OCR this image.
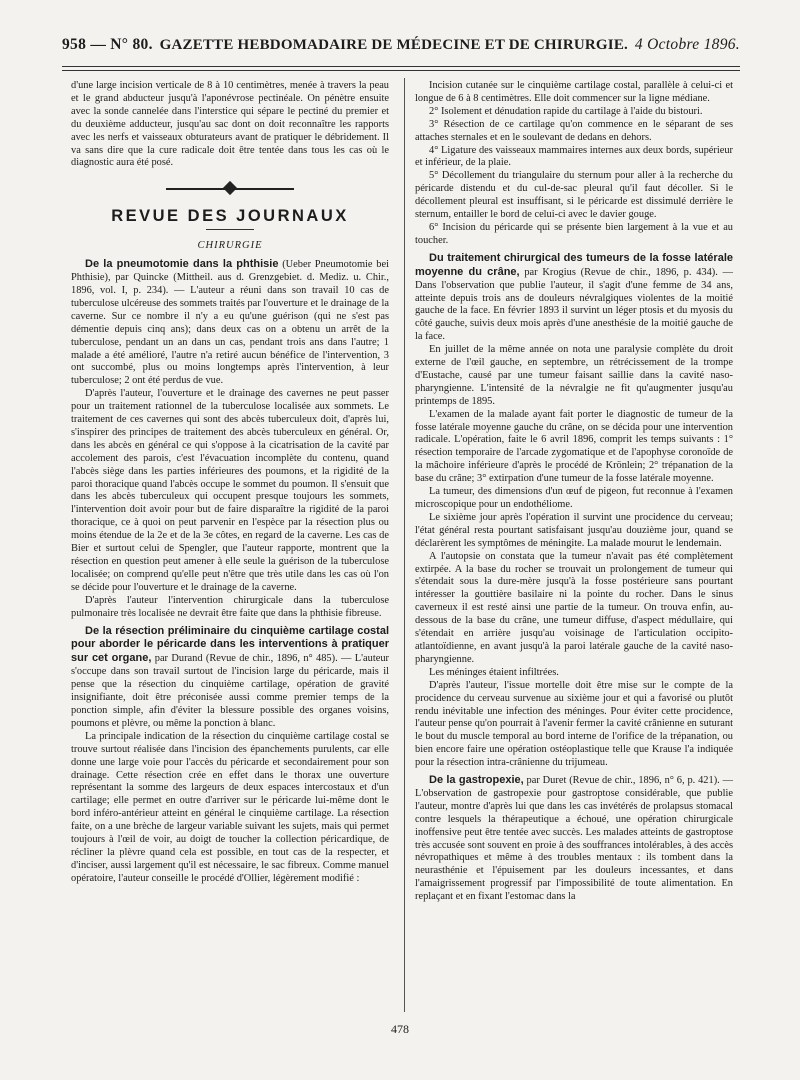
958 — N° 80. GAZETTE HEBDOMADAIRE DE MÉDECINE ET DE CHIRURGIE. 4 Octobre 1896.

d'une large incision verticale de 8 à 10 centimètres, menée à travers la peau et le grand abducteur jusqu'à l'aponévrose pectinéale. On pénètre ensuite avec la sonde cannelée dans l'interstice qui sépare le pectiné du premier et du deuxième adducteur, jusqu'au sac dont on doit reconnaître les rapports avec les nerfs et vaisseaux obturateurs avant de pratiquer le débridement. Il va sans dire que la cure radicale doit être tentée dans tous les cas où le diagnostic aura été posé.

REVUE DES JOURNAUX
CHIRURGIE

De la pneumotomie dans la phthisie (Ueber Pneumotomie bei Phthisie), par Quincke (Mittheil. aus d. Grenzgebiet. d. Mediz. u. Chir., 1896, vol. I, p. 234). — L'auteur a réuni dans son travail 10 cas de tuberculose ulcéreuse des sommets traités par l'ouverture et le drainage de la caverne. Sur ce nombre il n'y a eu qu'une guérison (qui ne s'est pas démentie depuis cinq ans); dans deux cas on a obtenu un arrêt de la tuberculose, pendant un an dans un cas, pendant trois ans dans l'autre; 1 malade a été amélioré, l'autre n'a retiré aucun bénéfice de l'intervention, 3 ont succombé, plus ou moins longtemps après l'intervention, à leur tuberculose; 2 ont été perdus de vue.

D'après l'auteur, l'ouverture et le drainage des cavernes ne peut passer pour un traitement rationnel de la tuberculose localisée aux sommets. Le traitement de ces cavernes qui sont des abcès tuberculeux doit, d'après lui, s'inspirer des principes de traitement des abcès tuberculeux en général. Or, dans les abcès en général ce qui s'oppose à la cicatrisation de la cavité par accolement des parois, c'est l'évacuation incomplète du contenu, quand l'abcès siège dans les parties inférieures des poumons, et la rigidité de la paroi thoracique quand l'abcès occupe le sommet du poumon. Il s'ensuit que dans les abcès tuberculeux qui occupent presque toujours les sommets, l'intervention doit avoir pour but de faire disparaître la rigidité de la paroi thoracique, ce à quoi on peut parvenir en l'espèce par la résection plus ou moins étendue de la 2e et de la 3e côtes, en regard de la caverne. Les cas de Bier et surtout celui de Spengler, que l'auteur rapporte, montrent que la résection en question peut amener à elle seule la guérison de la tuberculose localisée; on comprend qu'elle peut n'être que très utile dans les cas où l'on se décide pour l'ouverture et le drainage de la caverne.

D'après l'auteur l'intervention chirurgicale dans la tuberculose pulmonaire très localisée ne devrait être faite que dans la phthisie fibreuse.

De la résection préliminaire du cinquième cartilage costal pour aborder le péricarde dans les interventions à pratiquer sur cet organe, par Durand (Revue de chir., 1896, n° 485). — L'auteur s'occupe dans son travail surtout de l'incision large du péricarde, mais il pense que la résection du cinquième cartilage, opération de gravité insignifiante, doit être préconisée aussi comme premier temps de la ponction simple, afin d'éviter la blessure possible des organes voisins, poumons et plèvre, ou même la ponction à blanc.

La principale indication de la résection du cinquième cartilage costal se trouve surtout réalisée dans l'incision des épanchements purulents, car elle donne une large voie pour l'accès du péricarde et secondairement pour son drainage. Cette résection crée en effet dans le thorax une ouverture représentant la somme des largeurs de deux espaces intercostaux et d'un cartilage; elle permet en outre d'arriver sur le péricarde lui-même dont le bord inféro-antérieur atteint en général le cinquième cartilage. La résection faite, on a une brèche de largeur variable suivant les sujets, mais qui permet toujours à l'œil de voir, au doigt de toucher la collection péricardique, de récliner la plèvre quand cela est possible, en tout cas de la respecter, et d'inciser, aussi largement qu'il est nécessaire, le sac fibreux. Comme manuel opératoire, l'auteur conseille le procédé d'Ollier, légèrement modifié :

Incision cutanée sur le cinquième cartilage costal, parallèle à celui-ci et longue de 6 à 8 centimètres. Elle doit commencer sur la ligne médiane.

2° Isolement et dénudation rapide du cartilage à l'aide du bistouri.

3° Résection de ce cartilage qu'on commence en le séparant de ses attaches sternales et en le soulevant de dedans en dehors.

4° Ligature des vaisseaux mammaires internes aux deux bords, supérieur et inférieur, de la plaie.

5° Décollement du triangulaire du sternum pour aller à la recherche du péricarde distendu et du cul-de-sac pleural qu'il faut décoller. Si le décollement pleural est insuffisant, si le péricarde est dissimulé derrière le sternum, entailler le bord de celui-ci avec le davier gouge.

6° Incision du péricarde qui se présente bien largement à la vue et au toucher.

Du traitement chirurgical des tumeurs de la fosse latérale moyenne du crâne, par Krogius (Revue de chir., 1896, p. 434). — Dans l'observation que publie l'auteur, il s'agit d'une femme de 34 ans, atteinte depuis trois ans de douleurs névralgiques violentes de la moitié gauche de la face. En février 1893 il survint un léger ptosis et du myosis du côté gauche, suivis deux mois après d'une anesthésie de la moitié gauche de la face.

En juillet de la même année on nota une paralysie complète du droit externe de l'œil gauche, en septembre, un rétrécissement de la trompe d'Eustache, causé par une tumeur faisant saillie dans la cavité naso-pharyngienne. L'intensité de la névralgie ne fit qu'augmenter jusqu'au printemps de 1895.

L'examen de la malade ayant fait porter le diagnostic de tumeur de la fosse latérale moyenne gauche du crâne, on se décida pour une intervention radicale. L'opération, faite le 6 avril 1896, comprit les temps suivants : 1° résection temporaire de l'arcade zygomatique et de l'apophyse coronoïde de la mâchoire inférieure d'après le procédé de Krönlein; 2° trépanation de la base du crâne; 3° extirpation d'une tumeur de la fosse latérale moyenne.

La tumeur, des dimensions d'un œuf de pigeon, fut reconnue à l'examen microscopique pour un endothéliome.

Le sixième jour après l'opération il survint une procidence du cerveau; l'état général resta pourtant satisfaisant jusqu'au douzième jour, quand se déclarèrent les symptômes de méningite. La malade mourut le lendemain.

A l'autopsie on constata que la tumeur n'avait pas été complètement extirpée. A la base du rocher se trouvait un prolongement de tumeur qui s'étendait sous la dure-mère jusqu'à la fosse postérieure sans pourtant intéresser la gouttière basilaire ni la pointe du rocher. Dans le sinus caverneux il est resté ainsi une partie de la tumeur. On trouva enfin, au-dessous de la base du crâne, une tumeur diffuse, d'aspect médullaire, qui s'étendait en arrière jusqu'au voisinage de l'articulation occipito-atlantoïdienne, en avant jusqu'à la paroi latérale gauche de la cavité naso-pharyngienne.

Les méninges étaient infiltrées.

D'après l'auteur, l'issue mortelle doit être mise sur le compte de la procidence du cerveau survenue au sixième jour et qui a favorisé ou plutôt rendu inévitable une infection des méninges. Pour éviter cette procidence, l'auteur pense qu'on pourrait à l'avenir fermer la cavité crânienne en suturant le bout du muscle temporal au bord interne de l'orifice de la trépanation, ou bien encore faire une opération ostéoplastique telle que Krause l'a indiquée pour la résection intra-crânienne du trijumeau.

De la gastropexie, par Duret (Revue de chir., 1896, n° 6, p. 421). — L'observation de gastropexie pour gastroptose considérable, que publie l'auteur, montre d'après lui que dans les cas invétérés de prolapsus stomacal contre lesquels la thérapeutique a échoué, une opération chirurgicale inoffensive peut être tentée avec succès. Les malades atteints de gastroptose très accusée sont souvent en proie à des souffrances intolérables, à des accès névropathiques et même à des troubles mentaux : ils tombent dans la neurasthénie et l'épuisement par les douleurs incessantes, et dans l'amaigrissement progressif par l'impossibilité de toute alimentation. En replaçant et en fixant l'estomac dans la

478
